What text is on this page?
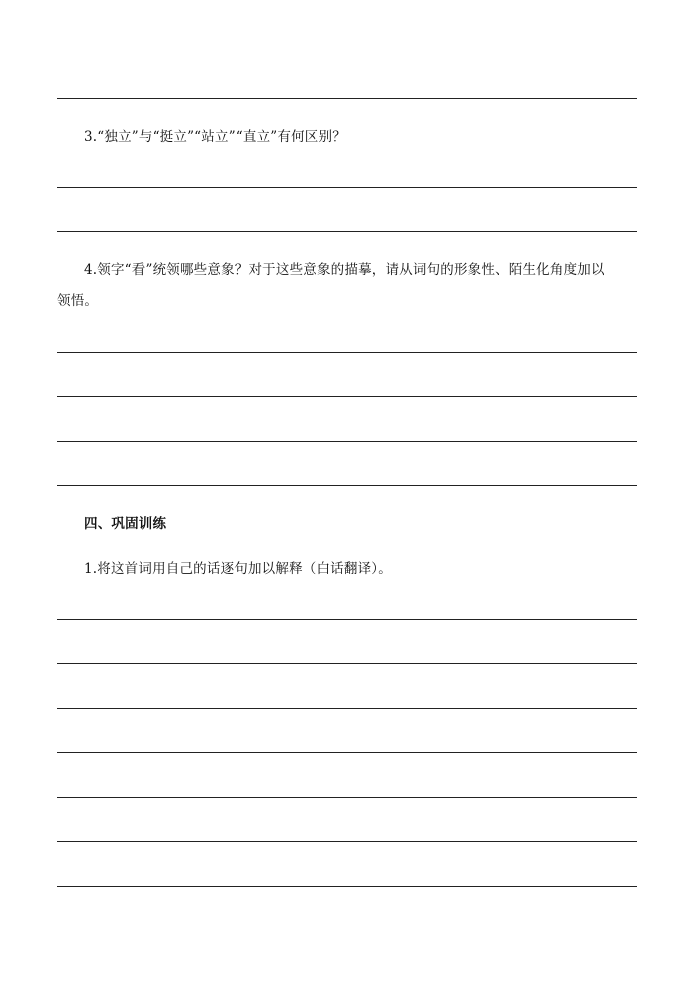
3.“独立”与“挺立”“站立”“直立”有何区别？
4.领字“看”统领哪些意象？对于这些意象的描摹，请从词句的形象性、陌生化角度加以
领悟。
四、巩固训练
1.将这首词用自己的话逐句加以解释（白话翻译）。
